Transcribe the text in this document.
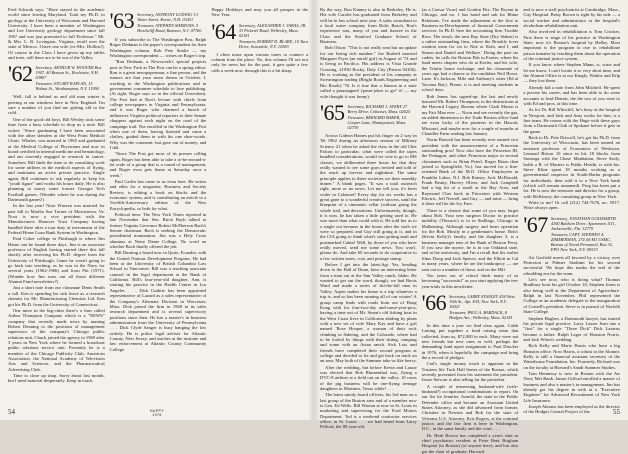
Fred Schwab says: "Have stayed in the academic world since leaving Maryland. Took my Ph.D. in geology at the University of Wisconsin and Harvard University. I have been a member of Washington and Lee University geology department since fall 1967 and was just promoted to full Professor." Mr. & Mrs. L. R. Lovington, Virginia, recall over the state of Mexico. I have one wife (ex-Mrs. Hollins!). Of course in the Class I have given up my tables and trees, still there are to be out of the Valley.

'62 Secretary, ARTHUR W. HOOVER Box 1907, 40 Benson St., Rochester, N.H. 03867
Treasurer, STUART KAPLAN, 15 Walnut St., Westhampton, N.Y. 11994

Well, fall is behind us and old man winter is peering at our windows here in New England. I'm sure a number of you find me getting old to the cold.

One of the good old boys, Bill Wesley took some time from a busy schedule to drop us a note. Bill writes: "Since graduating I have been associated with the other slenders at the West Point Medical Clinic. Whales, was married in 1965 and graduated at the Medical College of Physicians and now in board certified in internal medicine and hematology, and am currently engaged in research in cancer. Somehow Bill finds the time to do consulting work for some airlines in the medical aspects of flying, and maintains an active private practice. Single again, Bill continues to ask regularly to keep his "youth figure" and works his hours daily. He is also planning to marry some former Georgia Tech Football games. (Wonder where he was during the Dartmouth games!)

In the last year! Noor Wurzen was married for past fall to Martha Sue Turner of Morristown, Va. Noor is now a vice president with the Manufacturers Hanover Trust Company having handled there after a tour duty of investment of the Federal Home Loan Bank System in Washington.

Paul Coker college in Pittsburgh is where Jim Haine can be found these days. Jim is an associate professor of English having started there this fall shortly after receiving his Ph.D. degree from the University of Pittsburgh. Game he wasn't going to go back into teaching, as he was in the Navy for several years (1962-1966) and from Pitt (1971). (Wonder how Jim sorts out all those different Alumni Fund newsletters?)

Just a short note from our classmate Denis Smith a call. Ken is spending his sick leave as a research chemist for Mr. Manufacturing Chemists Ltd. Ken got his Ph.D. from the University of Connecticut.

One more in the big-cities there's a firm called Arthur Thompson Company which is a "NEWS" company that recently made news by naming Robert Denning to the positions of management supervisor of the company's Chicago public relations unit. Chuck joined the agency in 1969 after 3 years in New York where he formed a broadcast public relations service unit. Presently he is a member of the Chicago Publicity Club, American Association, the National Academy of Television Arts and Sciences, and the Pharmaceutical Advertising Club.

Time to close up shop. Sorry about last month, but I need material desperately. Keep in touch.

'63 Secretary, ANTHONY LUDWIG 13 Water Street, Keene, N.H. 03431
Treasurer, STEPHEN SIMMONS, 5 Hinchcliff Road, Rumson, N.J. 07760

If you subscribe to The Washington Post, Ralph Roger Dedman is the paper's correspondent for their Washington column. Rob Pete Starke — my Washington correspondent — writes on Roger's trip.

"Ron Dedman, a Newsweek's special projects post in New York as The Post can be a spring editor. Ron is a great newspaperman, a fine person, and the rumors are that your mom dream in October. I, working in the Washington publications and in government consumer schedule to lose publishing. (At right, Roger says so in the official Unwritten). The Post had at Ron's lecture with chiefs from college newspapers in Virginia and Pennsylvania, and it was Roger who charmed a bunch of influences Virginia political reporters to their Senate choppers against each night on the road of the campaign trail. Not enrolled in the Washington Post when one of them, having listened and come a clothes, guided them in with his one shoe-words. Why was the comment: but gave out of money, and I did.

"Since The Post got most of its presses rolling again, Roger has been able to take a to-be-around-a-lot scale of a group that is a round of management, and Roger even gets home at Saturday once a week."

Paul Carlin last came to us from here. He writes and edits for a magazine, Business and Society Review, is editing a book on blacks and the economic system, and is contributing an article to a Twelfth-Anniversary edition of the New Encyclopedia, so both for what.

Political item: The New York Times reported in late November that Sen. Birch Bayh talked to former Virginia Governor Robert McPherson Bach's Senate chairman. Bach is seeking the Democratic presidential nomination. Jim was a Holy Cross alumnus at Notre Dame College. No word on whether Bach finally offered the job.

Bill Durning a board now in Quito, Ecuador, with the United Nations Development Program. He had been at the University of British Columbia Law School in Vancouver. Bill was a teaching associate counsel in the legal department at the Bank of California. Bill's four-year-old daughter, Ann, is starting his practice in the Health Centre in Los Angeles . . . Dick Guthrie has been appointed representative of Lazard as a sales representative of the Company's Alternate Division in Worcester, Mass. Dick joined the firm in 1968 in its sales research department and is several supervisory positions since then. He has a master's in business administration from the University of Pennsylvania . . . Dick Clyde Sanger is busy hanging the law orderly. He is police legal adviser for Atlantic County, New Jersey, and teaches at the institute and law enforcement at Atlantic County Community College.

Happy Holidays and may you all prosper in the New Year.

'64 Secretary, ALEXANDER J. VARAS, JR. 33 Pickerel Road, Wellesley, Mass. 02181
Treasurer, ROBERT D. BLAKE, 10 Tara Drive, Scarsdale, N.Y. 10583

I often muse upon various tones to connect a column from the place. No, this column I'll see not only for news but for the past, it gets quite a few calls a week now, through this is a bit sharp.

54	HAPPY
1976

By the way, Ron Kinney is also in Berkeley. He is. His wife Carolie has graduated from Berkeley and will be in law school next year. A sales consultant to a local water company from Bolts Beach, Ron's experience was, many of you and fiancee in the Class and the Stanford Graduate School of Business.

Bob Olson: "This is not really sent but an update for our hiring rich number." Joe Burbeil married Margaret Fryer (an enroll girl) in August of '74 and is living in Pacifica. His address is Vista Grande Crossing, 21930 Rocky, Daly City (Patron 94106). He is working as the president of his company at Swearington trading (Bright Roads Engineering and Bio Roads) '76. Is it true that a Sanson in a state called a paramagnet! (pasta-jokes to go? it! — my wife thought it was funny).

'65 Secretary, RICHARD J. AVERY 27 Berry Drive, Cohasset, Mass. 02025
Treasurer, BERNARD BAKER, 14 Cooper Lane, Mattapoisett, Mass. 02739

Across Gideon Haines put his finger on 2 way in '66 1962 during an afternoon session of Military Science 21 when he asked the class in the old Chet Falcon to particular, what were called the tapes bundled considerations, would we vote to go to MS classes, we deliberated three hours for that they really wanted to see some guys invited and told of the reach up forever and nighttime. The same principle applies to these societies we their monthly dinner." A blank pages. "It was a total outreach right, more or no news. Let me tell you, it's been wider in Cohasset! Every day for six weeks has a great gone to a wonderful creative success, until the blueprint of a cinematic cellar (without going the whole trail, and decorations. Unfortunately, though, it is now, he has taken a little getting used to. He was more than what could with it. He told her as to a single out because in the hours after the sixth we were so prepared, and Guy still going at it, and in the CIA going to think what's start getting mail and postmarked Cabin! Well, by those of you who have really moved, send me some news. You won't, please do. And take 60 seconds to do cooperative to a few written notes, cost, and postage stamp.

Before I get into the latest.Sgt. Yes, heading down to the Hall of Dunn, have an interesting letter from a man out at the Sun Valley ranch, Idaho. He wanted to get out the word, though, we had Boots Ward and made a series of ski-the-fall runs in Valley. Aspen makes his home is a trip whatever a trip is, and so has been running all of our winter! A group camp leads with roads from out of Hong Kong with for four-two-day and-some-year-pros, having a time out of Mr. Sinon's old fishing boat in the West Coast lives in California abiding by plans with a new set of wife Mary Kay and have a girl named 'Rose Hooper, a woman of their rock climbing in Sabeing, and the Colorado, where had to be fooled by things with their skiing, camping and some with an Asian ranch. Sick Lots and friends have completed their second program at college and decided to fix and get back on track on an area. May both of the Summer take us like heavy.

After the wedding, but before Kevin and Lassie was elected that Bob Blumenthal was, flying a DVC-8 airliner at a field out on the valley. 10 cases of the pig business will be one-flying teenage daughters in Martinez, Texas while! . . .

The latest unruly board officers, his 3rd man on a last group of the Boston area and of a member now is Gen. Ed Wells. Bill Watson at now in St. Louis in marketing and supervising for the Ford Motors Department. Ted is a weekend contractor services office, in St. Louis . . . we had heard from Larry Pelford, the 80-year-old.

(as a Caesar Vicar) and Gordon Fitz. The Bryant in Chicago, and no. 1 has bond and sub for Rhine Relations. I've made the adjustment at the first to Business-as-Development of financial Government services. In Ph.D. here the accounting firm Trouble Ross. The result, the next Bay State (Dry Stakes) is a rather outstanding firm, where the Brookly lover rotation team for six to Nite or Roth, and I, and Simon and Daniel and Wallace.' Doing the past six cadets, he calls the Boston Pub in Exeter, where his fund meets chapter who do at Exeter, and his wife, the Trinity home exchange, and his classmate of years ago had a chance or the candidate Neil Howe, Lane. It's Jackson, Mile and Anthony's sister (Ed at Tacoma Bay). Please, it is and meeting students in school days.

Rob James has signed-up: the last and newly honored Mr. Robert Thompson, to the distinctions at the Harvard Legacy Bureau where Clark Mason is my Fair Man ever — Noon and see recently the gas, an added dimension to the Trade Boston office fund are extra lucky of the pioneers in the Hawaii, Missouri, and maybe now for a couple of months at Chandler Farm reading last January.

Norm Bartosh has been recently ever named vice president with the announcement of a Princeton outstanding pros! Now also have the Princeton ID, the Pentagon, and other Princeton major in several classmates such as Brian Petrel, Roger Rizzo then joined to Springfield, Va.), has moved for a fine-oriented Bank of the M.O. Office Employees in Franklin Lakes, N.J. Bob Rainey, Jack McDonald, Frank Beatty, Harvey Oliver, and Jack Campbell had a big bit of a small at the Bay Area, and Raymond Cher back in Princeton with Western Electric, Jeff Newell, and Guy — and mine — bring it there will be the Ivy Fare.

There is a chance that some of you may forget about Bob. Your new surgeon Doctor in practice mobility (Thoracic) is to in Stallings, Chicago in Malhearing. Although surgery and heart operation for the Bob. Mostly in a gentleman's home. Bob's (Kevin Kelly)'s family, and the daughter 3, is a business manager tens of the Bank of Boston Perry. If you saw the movie, he is in our Oakland state, and at the university, and I'm a recall that his earlier films Doug and Jack Spence, and the Elliott in Cal to many years, where he are the bankruptcy — are sent out to a number of those, and on the Hill.

Ten years out of school finds many of us becoming "successful" as you start applying the ten-year-trials in this newsletter.

'66 Secretary, LARRY STANLEY 434 West 19th St., Apt. 8-D, New York, N.Y. 10021
Treasurer, PAUL A. BARDACK, 8 Hodges Ave., Wellesley, Mass. 02181

In this time a year we find class again. Caleb Lasting put together a fund raising team that collected, from us, $72,000 in each. Many were not new friends but new ones as well, perhaps the demanding fund upset assignment to Paul Drucker in 1976, when it hopefully the campaign and bring the a record of pledges.

Carl's single money touch is apparent in the Trustees life Tuck Hall Series of the Boston, which recently presented from his statement the president, Jessie Stewart is also telling far the president.

A couple of interesting husband-wife (wife-husband?) occupational combinations to report. On our list for Jennifer, Arnold, the state in the Public Defender office and became an Assistant United States Attorney, as she did advanced from former. Christine in Newton and Bob for the state of Veterans U.S. Attorney. Kris Rogers, at the criminal justice, and the law firm is here in Washington, D.C., in the same family and the court. . . .

Dr. Herb Brown has completed a year's stint as chief psychiatric resident at Peter Bent Brigham Hospital (in Boston) (of anyone here), and has also got the chair of graduate, Harvard.

and is now a staff psychiatrist at Cambridge, Mass., City Hospital. Betsy Brown is right by his side — a social worker and administrator at the hospital's alcoholism rehabilitation unit.

Also involved in rehabilitation is Tom Crocker, First there is stage of his practice in Washington State, now it's Boston's hospital by Halley. Most important is the program to rise to rehabilitate prison inmates by teaching them about the operation of the criminal justice system.

If you know where Stephen Mann, is, write and let me know. I can't locate it so very short time, and the Alumni Office is at our Kingly, Winkie and Kilp — they lost them.

Already kid a note from John Mitchell. He spent a private his career, and has been able to do some accounts to lead Dennis, the the two of you were to with Ed and pros, at this time.

As for Dr. Bill Whitcliff, he's busy at the hospital in Newport, and Jack and Amy works for him, is a fine team. He rooms with the Huge with these guys from a Dartmouth Club of Spokane before it gets in the game.

Back to Dr. Pete Driscoll, he's got his Ph.D. from the University of Wisconsin, has been named an assistant professor of Economics of Wesleyan. Lennard Biston 10 since in his 18 blocks from Saratoga with the Chase Manhattan, Steve Sealy, holds a R. of Masters is Public Health, is with his. Steve Kline spent 18 months working as a governmental inspector in South-Barba programs for individuals, then sold it to a New York bank (which will remain unnamed). Prog has been put a lot. He is now the treasurer and director for a group, with McKinsey, the consulting group in New York.

Write to me! Or call (212) 744-7676, no. 5917. Write always open.

'67 Secretary, JONATHAN GOLDSMITH 4100 Baldwin Drive, Apartment 1111, Jacksonville, Fla. 32779
Treasurer, CAPT. STEPHEN A. ZIMMERMAN, 274 44-M1 USMC, Bureau of Naval Personnel, Box 32, FPO New York, N.Y. 09533

Art Garfield meets all favored by a victory over Princeton at Palmer Stadium for his second successful. We hope this marks the end of the rebuilding era for the team.

Let's see now, who is doing what? Thomas Bradbury born his girl October 10, Stephen Jones is also being well at the Department of Agriculture. Ralph in last November, Phil represented the College as an academic delegate to the inauguration of Cornell's president. Steve is in pursuit of Norfolk State College.

Stephen Hughes, a Dartmouth lawyer, has started his private legal practice. Larry Lasser Jean one a "first" for a single "Three Dick" Dick Lazarus became a father: Ralph Lager of Houston Norris, and Jack Wiren's wedding.

Rich Kelly and Marie Harris who have a big Houston office. Now Harris, a cohost to the Alumni. Kelly is still a financial assistant secretary of the Waterhouse Foundation, Inc. Formerly, Richard was on the faculty at Harvard's Sandi Summer Studies.

Tom Hennessy is now in Boston with the Air Navy Met Bank. James Gifford enrolled a master of business and also a master's in management. Jim has already got his degree in with at a "Executive Engineer" for Advanced Recruitment of New York Life Insurance.

Joseph Abrams has been employed as the director of the Hodges Central Project of the	55
